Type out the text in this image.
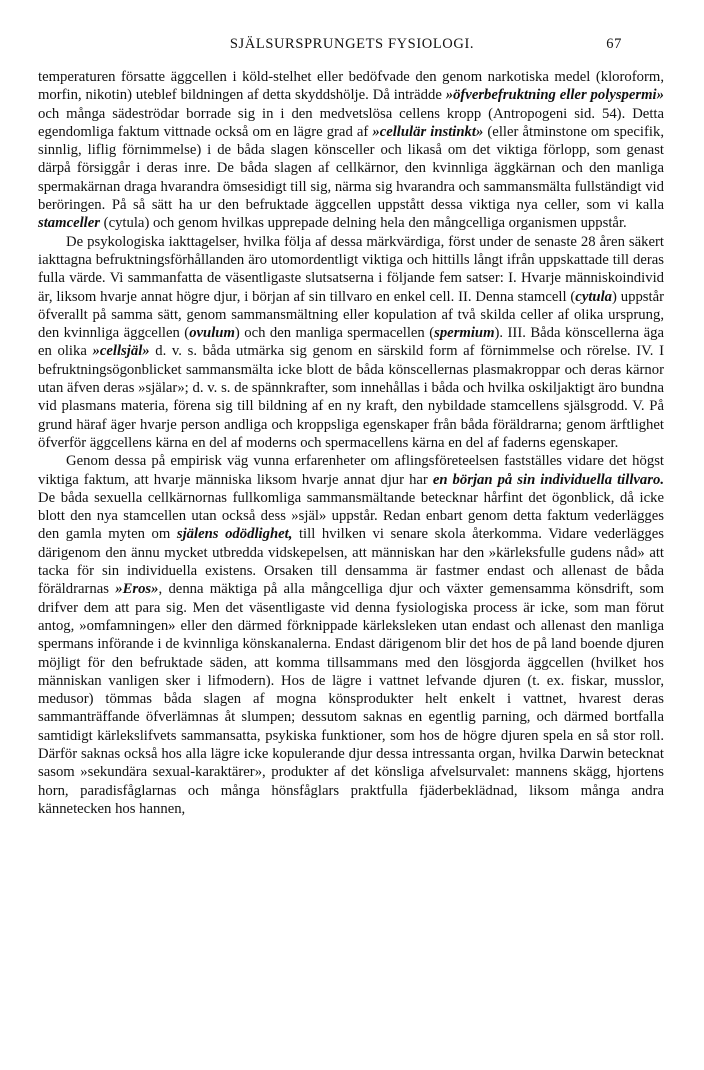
SJÄLSURSPRUNGETS FYSIOLOGI.	67

temperaturen försatte äggcellen i köld-stelhet eller bedöfvade den genom narkotiska medel (kloroform, morfin, nikotin) uteblef bildningen af detta skyddshölje. Då inträdde »öfverbefruktning eller polyspermi» och många sädeströdar borrade sig in i den medvetslösa cellens kropp (Antropogeni sid. 54). Detta egendomliga faktum vittnade också om en lägre grad af »cellulär instinkt» (eller åtminstone om specifik, sinnlig, liflig förnimmelse) i de båda slagen könsceller och likaså om det viktiga förlopp, som genast därpå försiggår i deras inre. De båda slagen af cellkärnor, den kvinnliga äggkärnan och den manliga spermakärnan draga hvarandra ömsesidigt till sig, närma sig hvarandra och sammansmälta fullständigt vid beröringen. På så sätt ha ur den befruktade äggcellen uppstått dessa viktiga nya celler, som vi kalla stamceller (cytula) och genom hvilkas upprepade delning hela den mångcelliga organismen uppstår.

De psykologiska iakttagelser, hvilka följa af dessa märkvärdiga, först under de senaste 28 åren säkert iakttagna befruktningsförhållanden äro utomordentligt viktiga och hittills långt ifrån uppskattade till deras fulla värde. Vi sammanfatta de väsentligaste slutsatserna i följande fem satser: I. Hvarje människoindivid är, liksom hvarje annat högre djur, i början af sin tillvaro en enkel cell. II. Denna stamcell (cytula) uppstår öfverallt på samma sätt, genom sammansmältning eller kopulation af två skilda celler af olika ursprung, den kvinnliga äggcellen (ovulum) och den manliga spermacellen (spermium). III. Båda könscellerna äga en olika »cellsjäl» d. v. s. båda utmärka sig genom en särskild form af förnimmelse och rörelse. IV. I befruktningsögonblicket sammansmälta icke blott de båda könscellernas plasmakroppar och deras kärnor utan äfven deras »själar»; d. v. s. de spännkrafter, som innehållas i båda och hvilka oskiljaktigt äro bundna vid plasmans materia, förena sig till bildning af en ny kraft, den nybildade stamcellens själsgrodd. V. På grund häraf äger hvarje person andliga och kroppsliga egenskaper från båda föräldrarna; genom ärftlighet öfverför äggcellens kärna en del af moderns och spermacellens kärna en del af faderns egenskaper.

Genom dessa på empirisk väg vunna erfarenheter om aflingsföreteelsen fastställes vidare det högst viktiga faktum, att hvarje människa liksom hvarje annat djur har en början på sin individuella tillvaro. De båda sexuella cellkärnornas fullkomliga sammansmältande betecknar hårfint det ögonblick, då icke blott den nya stamcellen utan också dess »själ» uppstår. Redan enbart genom detta faktum vederlägges den gamla myten om själens odödlighet, till hvilken vi senare skola återkomma. Vidare vederlägges därigenom den ännu mycket utbredda vidskepelsen, att människan har den »kärleksfulle gudens nåd» att tacka för sin individuella existens. Orsaken till densamma är fastmer endast och allenast de båda föräldrarnas »Eros», denna mäktiga på alla mångcelliga djur och växter gemensamma könsdrift, som drifver dem att para sig. Men det väsentligaste vid denna fysiologiska process är icke, som man förut antog, »omfamningen» eller den därmed förknippade kärleksleken utan endast och allenast den manliga spermans införande i de kvinnliga könskanalerna. Endast därigenom blir det hos de på land boende djuren möjligt för den befruktade säden, att komma tillsammans med den lösgjorda äggcellen (hvilket hos människan vanligen sker i lifmodern). Hos de lägre i vattnet lefvande djuren (t. ex. fiskar, musslor, medusor) tömmas båda slagen af mogna könsprodukter helt enkelt i vattnet, hvarest deras sammanträffande öfverlämnas åt slumpen; dessutom saknas en egentlig parning, och därmed bortfalla samtidigt kärlekslifvets sammansatta, psykiska funktioner, som hos de högre djuren spela en så stor roll. Därför saknas också hos alla lägre icke kopulerande djur dessa intressanta organ, hvilka Darwin betecknat sasom »sekundära sexual-karaktärer», produkter af det könsliga afvelsurvalet: mannens skägg, hjortens horn, paradisfåglarnas och många hönsfåglars praktfulla fjäderbeklädnad, liksom många andra kännetecken hos hannen,
